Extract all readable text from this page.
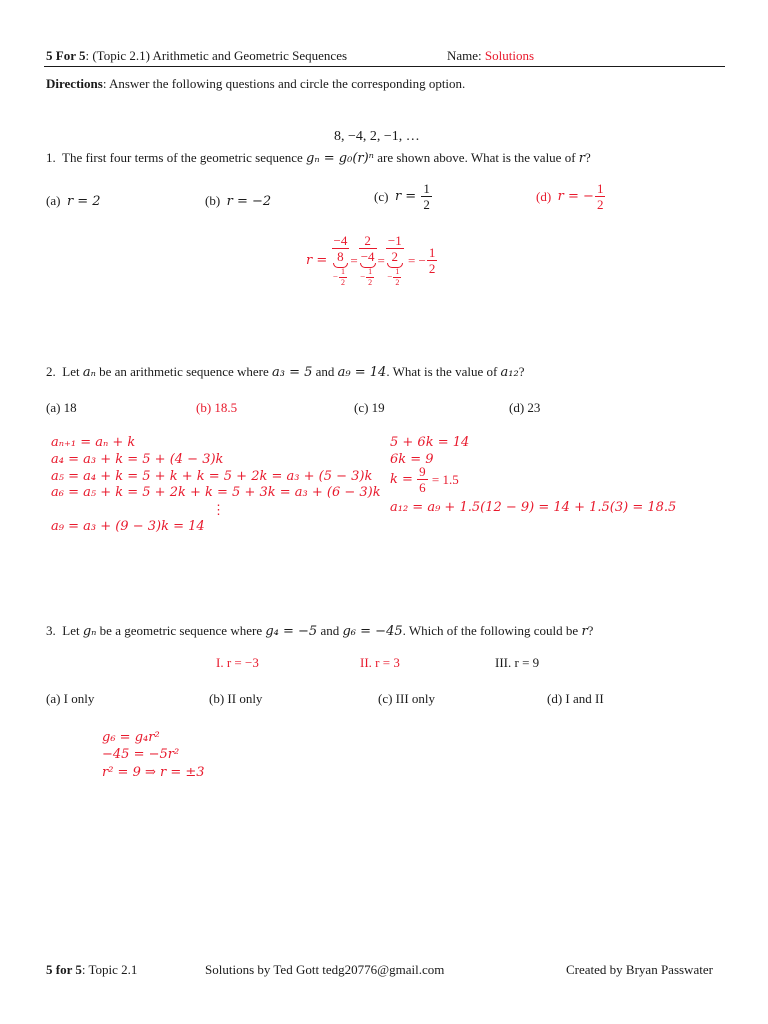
5 For 5: (Topic 2.1) Arithmetic and Geometric Sequences	Name: Solutions
Directions: Answer the following questions and circle the corresponding option.
8, −4, 2, −1, …
1. The first four terms of the geometric sequence gₙ = g₀(r)ⁿ are shown above. What is the value of r?
(a) r = 2	(b) r = −2	(c) $r = \frac{1}{2}$	(d) r = − $\frac{1}{2}$
r =
−4
8
− $\frac{1}{2}$
=
2
−4
− $\frac{1}{2}$
=
−1
2
− $\frac{1}{2}$
= − $\frac{1}{2}$
2. Let aₙ be an arithmetic sequence where a₃ = 5 and a₉ = 14. What is the value of a₁₂?
(a) 18	(b) 18.5	(c) 19	(d) 23
aₙ₊₁ = aₙ + k
a₄ = a₃ + k = 5 + (4 − 3)k
a₅ = a₄ + k = 5 + k + k = 5 + 2k = a₃ + (5 − 3)k
a₆ = a₅ + k = 5 + 2k + k = 5 + 3k = a₃ + (6 − 3)k
⋮
a₉ = a₃ + (9 − 3)k = 14
5 + 6k = 14
6k = 9
$k = \frac{9}{6} = 1.5$
a₁₂ = a₉ + 1.5(12 − 9) = 14 + 1.5(3) = 18.5
3. Let gₙ be a geometric sequence where g₄ = −5 and g₆ = −45. Which of the following could be r?
I. r = −3	II. r = 3	III. r = 9
(a) I only	(b) II only	(c) III only	(d) I and II
g₆ = g₄r²
−45 = −5r²
r² = 9 ⇒ r = ±3
5 for 5: Topic 2.1	Solutions by Ted Gott tedg20776@gmail.com	Created by Bryan Passwater
